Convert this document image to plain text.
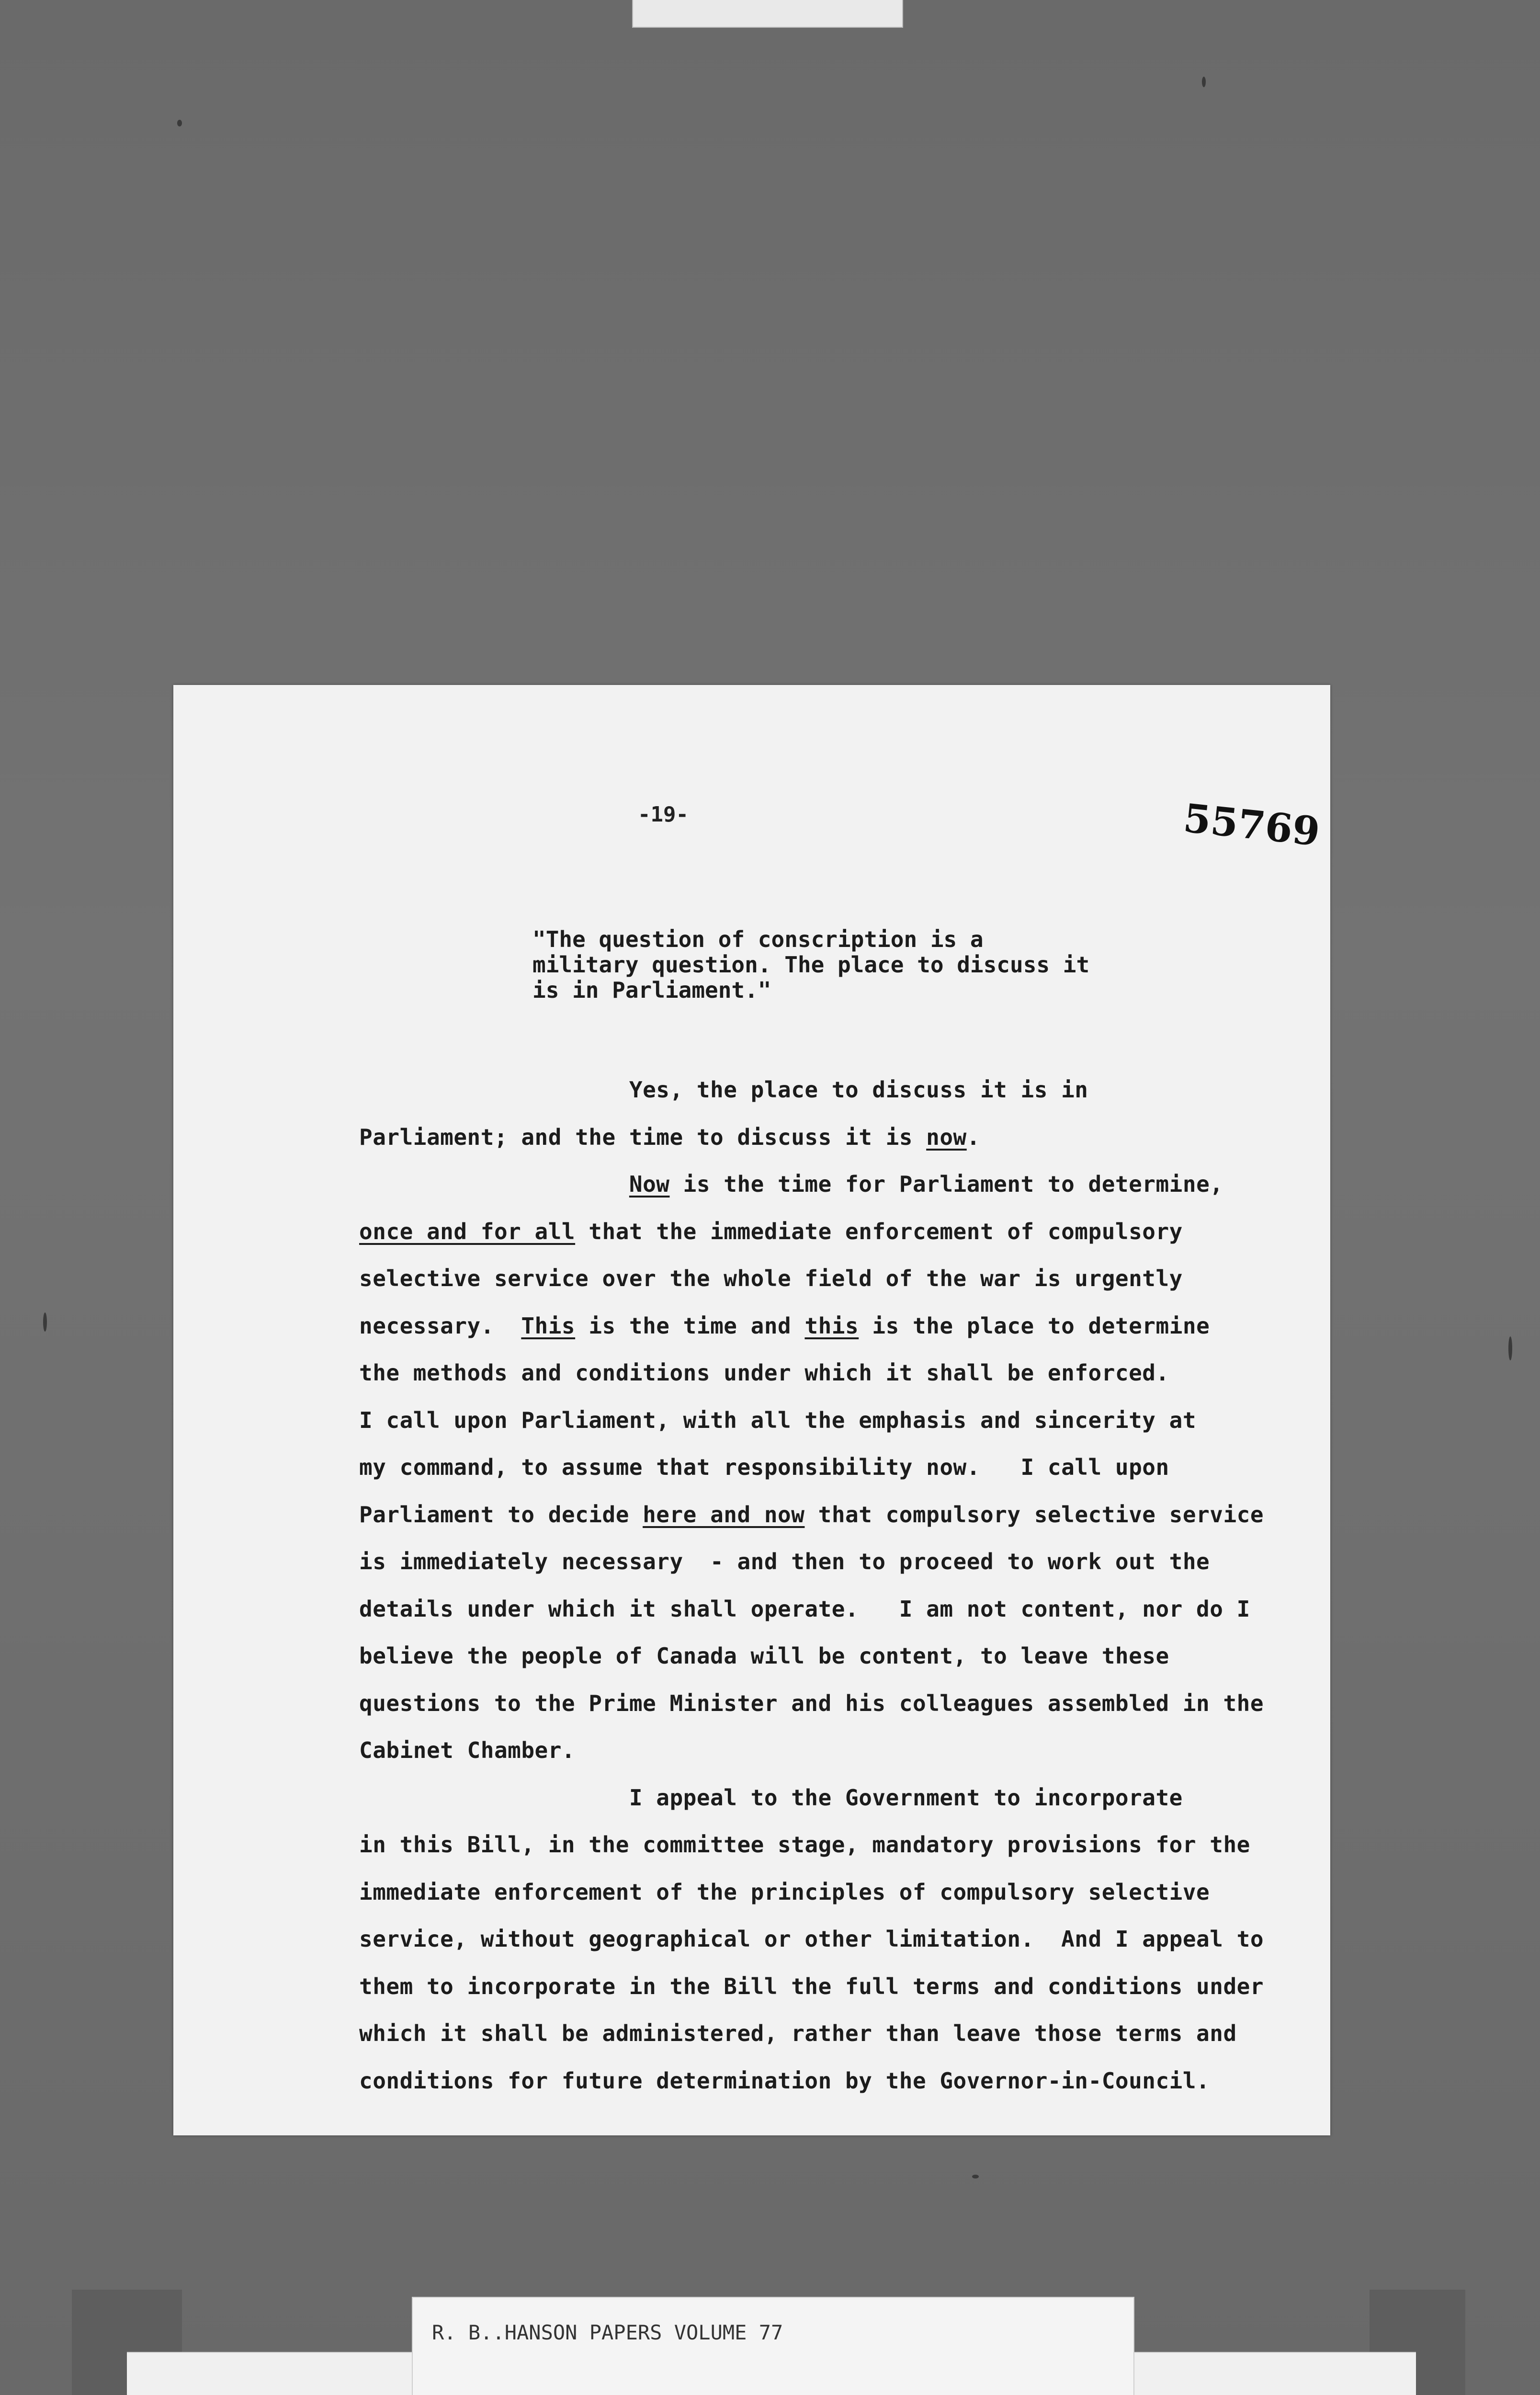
-19-	55769
"The question of conscription is a
military question. The place to discuss it
is in Parliament."
Yes, the place to discuss it is in
Parliament; and the time to discuss it is now.
Now is the time for Parliament to determine,
once and for all that the immediate enforcement of compulsory
selective service over the whole field of the war is urgently
necessary.  This is the time and this is the place to determine
the methods and conditions under which it shall be enforced.
I call upon Parliament, with all the emphasis and sincerity at
my command, to assume that responsibility now.   I call upon
Parliament to decide here and now that compulsory selective service
is immediately necessary  - and then to proceed to work out the
details under which it shall operate.   I am not content, nor do I
believe the people of Canada will be content, to leave these
questions to the Prime Minister and his colleagues assembled in the
Cabinet Chamber.
I appeal to the Government to incorporate
in this Bill, in the committee stage, mandatory provisions for the
immediate enforcement of the principles of compulsory selective
service, without geographical or other limitation.  And I appeal to
them to incorporate in the Bill the full terms and conditions under
which it shall be administered, rather than leave those terms and
conditions for future determination by the Governor-in-Council.
R. B..HANSON PAPERS VOLUME 77
